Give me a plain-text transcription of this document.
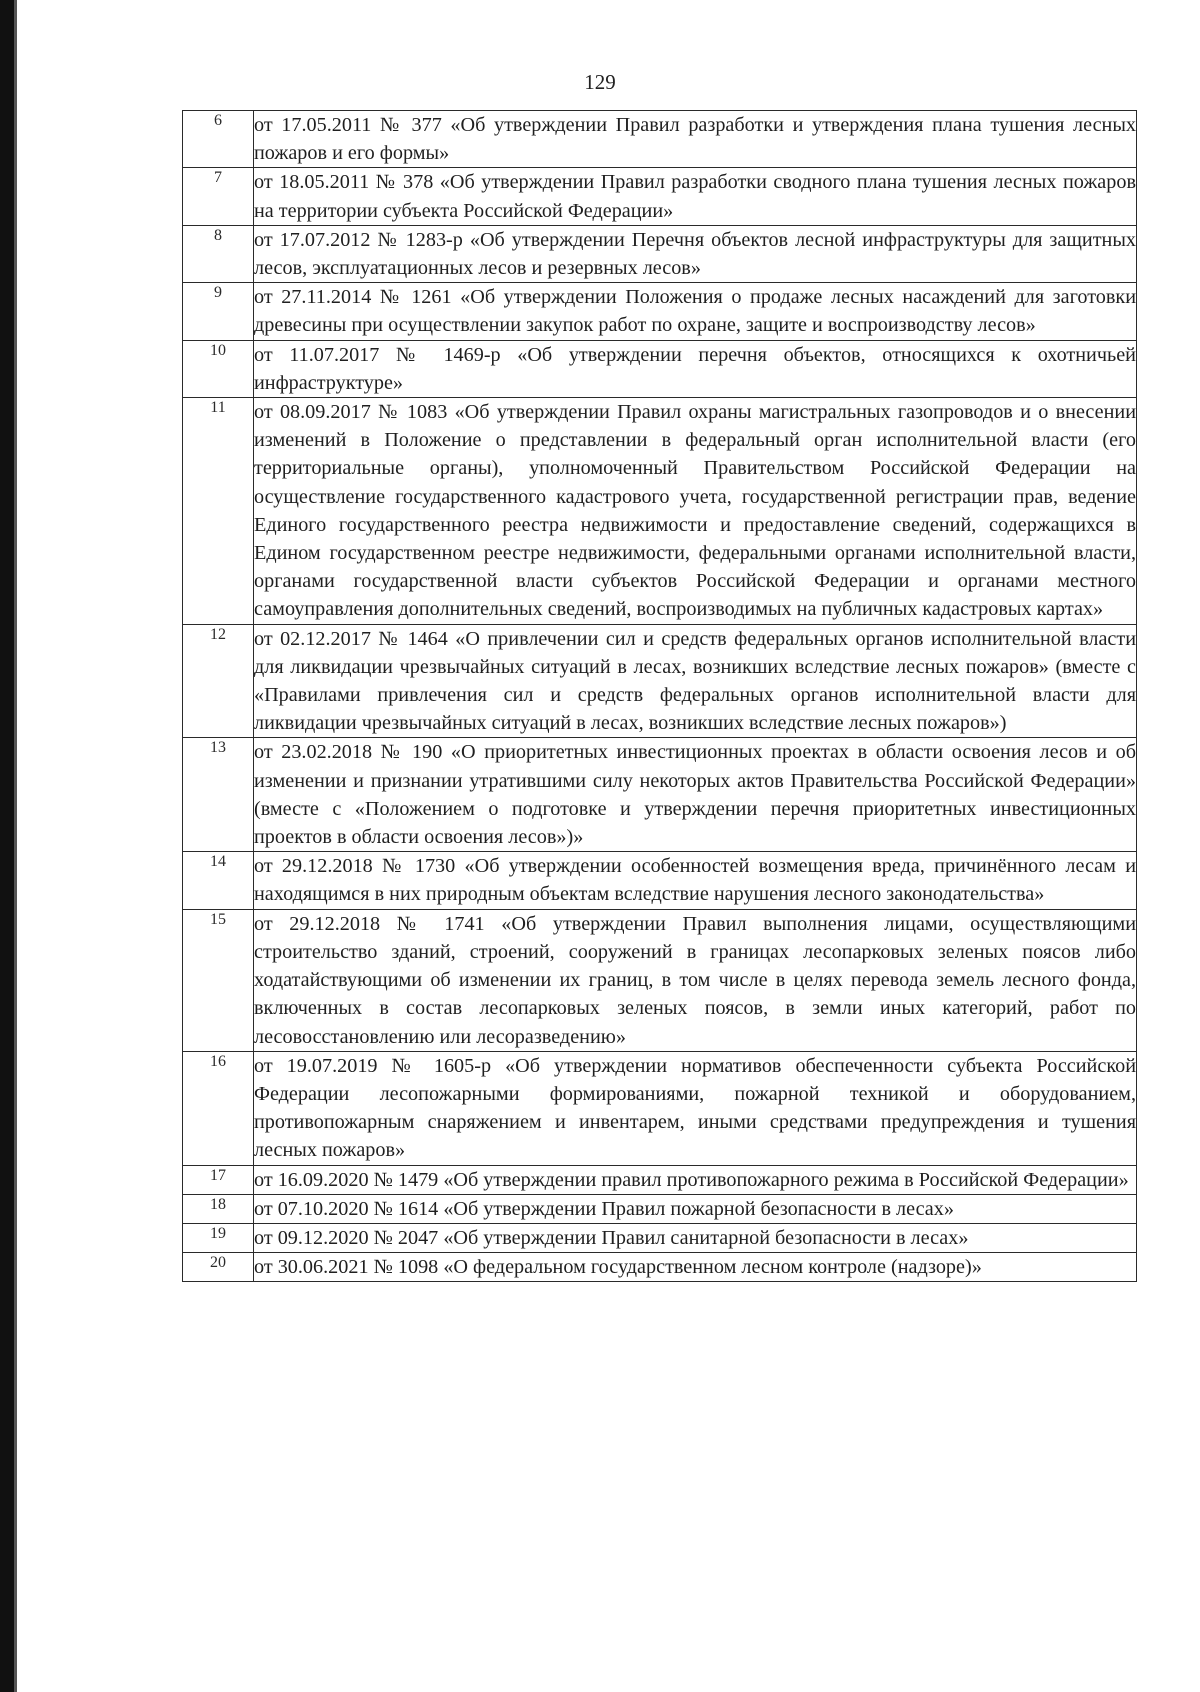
129
6	от 17.05.2011 № 377 «Об утверждении Правил разработки и утверждения плана тушения лесных пожаров и его формы»
7	от 18.05.2011 № 378 «Об утверждении Правил разработки сводного плана тушения лесных пожаров на территории субъекта Российской Федерации»
8	от 17.07.2012 № 1283-р «Об утверждении Перечня объектов лесной инфраструктуры для защитных лесов, эксплуатационных лесов и резервных лесов»
9	от 27.11.2014 № 1261 «Об утверждении Положения о продаже лесных насаждений для заготовки древесины при осуществлении закупок работ по охране, защите и воспроизводству лесов»
10	от 11.07.2017 № 1469-р «Об утверждении перечня объектов, относящихся к охотничьей инфраструктуре»
11	от 08.09.2017 № 1083 «Об утверждении Правил охраны магистральных газопроводов и о внесении изменений в Положение о представлении в федеральный орган исполнительной власти (его территориальные органы), уполномоченный Правительством Российской Федерации на осуществление государственного кадастрового учета, государственной регистрации прав, ведение Единого государственного реестра недвижимости и предоставление сведений, содержащихся в Едином государственном реестре недвижимости, федеральными органами исполнительной власти, органами государственной власти субъектов Российской Федерации и органами местного самоуправления дополнительных сведений, воспроизводимых на публичных кадастровых картах»
12	от 02.12.2017 № 1464 «О привлечении сил и средств федеральных органов исполнительной власти для ликвидации чрезвычайных ситуаций в лесах, возникших вследствие лесных пожаров» (вместе с «Правилами привлечения сил и средств федеральных органов исполнительной власти для ликвидации чрезвычайных ситуаций в лесах, возникших вследствие лесных пожаров»)
13	от 23.02.2018 № 190 «О приоритетных инвестиционных проектах в области освоения лесов и об изменении и признании утратившими силу некоторых актов Правительства Российской Федерации» (вместе с «Положением о подготовке и утверждении перечня приоритетных инвестиционных проектов в области освоения лесов»)»
14	от 29.12.2018 № 1730 «Об утверждении особенностей возмещения вреда, причинённого лесам и находящимся в них природным объектам вследствие нарушения лесного законодательства»
15	от 29.12.2018 № 1741 «Об утверждении Правил выполнения лицами, осуществляющими строительство зданий, строений, сооружений в границах лесопарковых зеленых поясов либо ходатайствующими об изменении их границ, в том числе в целях перевода земель лесного фонда, включенных в состав лесопарковых зеленых поясов, в земли иных категорий, работ по лесовосстановлению или лесоразведению»
16	от 19.07.2019 № 1605-р «Об утверждении нормативов обеспеченности субъекта Российской Федерации лесопожарными формированиями, пожарной техникой и оборудованием, противопожарным снаряжением и инвентарем, иными средствами предупреждения и тушения лесных пожаров»
17	от 16.09.2020 № 1479 «Об утверждении правил противопожарного режима в Российской Федерации»
18	от 07.10.2020 № 1614 «Об утверждении Правил пожарной безопасности в лесах»
19	от 09.12.2020 № 2047 «Об утверждении Правил санитарной безопасности в лесах»
20	от 30.06.2021 № 1098 «О федеральном государственном лесном контроле (надзоре)»
